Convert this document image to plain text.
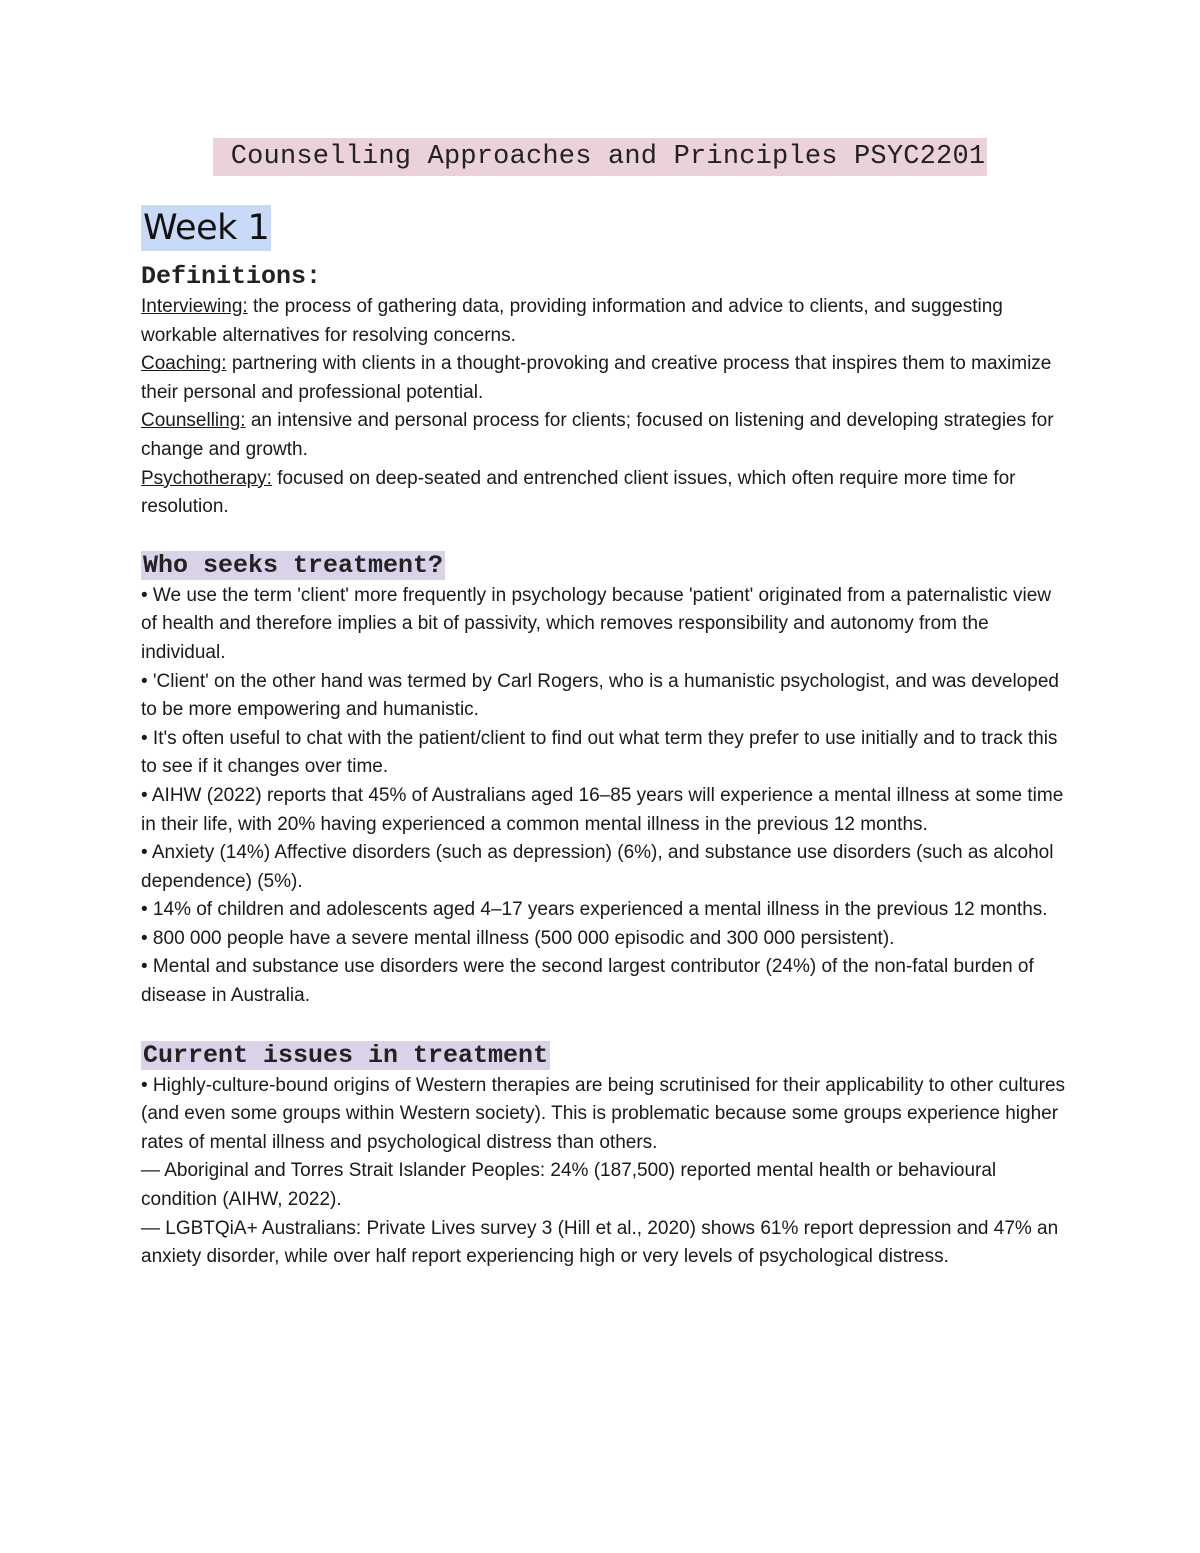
Counselling Approaches and Principles PSYC2201
Week 1
Definitions:

Interviewing: the process of gathering data, providing information and advice to clients, and suggesting workable alternatives for resolving concerns.

Coaching: partnering with clients in a thought-provoking and creative process that inspires them to maximize their personal and professional potential.

Counselling: an intensive and personal process for clients; focused on listening and developing strategies for change and growth.

Psychotherapy: focused on deep-seated and entrenched client issues, which often require more time for resolution.

Who seeks treatment?

• We use the term 'client' more frequently in psychology because 'patient' originated from a paternalistic view of health and therefore implies a bit of passivity, which removes responsibility and autonomy from the individual.

• 'Client' on the other hand was termed by Carl Rogers, who is a humanistic psychologist, and was developed to be more empowering and humanistic.

• It's often useful to chat with the patient/client to find out what term they prefer to use initially and to track this to see if it changes over time.

• AIHW (2022) reports that 45% of Australians aged 16–85 years will experience a mental illness at some time in their life, with 20% having experienced a common mental illness in the previous 12 months.

• Anxiety (14%) Affective disorders (such as depression) (6%), and substance use disorders (such as alcohol dependence) (5%).

• 14% of children and adolescents aged 4–17 years experienced a mental illness in the previous 12 months.

• 800 000 people have a severe mental illness (500 000 episodic and 300 000 persistent).

• Mental and substance use disorders were the second largest contributor (24%) of the non-fatal burden of disease in Australia.

Current issues in treatment

• Highly-culture-bound origins of Western therapies are being scrutinised for their applicability to other cultures (and even some groups within Western society). This is problematic because some groups experience higher rates of mental illness and psychological distress than others.

— Aboriginal and Torres Strait Islander Peoples: 24% (187,500) reported mental health or behavioural condition (AIHW, 2022).

— LGBTQiA+ Australians: Private Lives survey 3 (Hill et al., 2020) shows 61% report depression and 47% an anxiety disorder, while over half report experiencing high or very levels of psychological distress.
